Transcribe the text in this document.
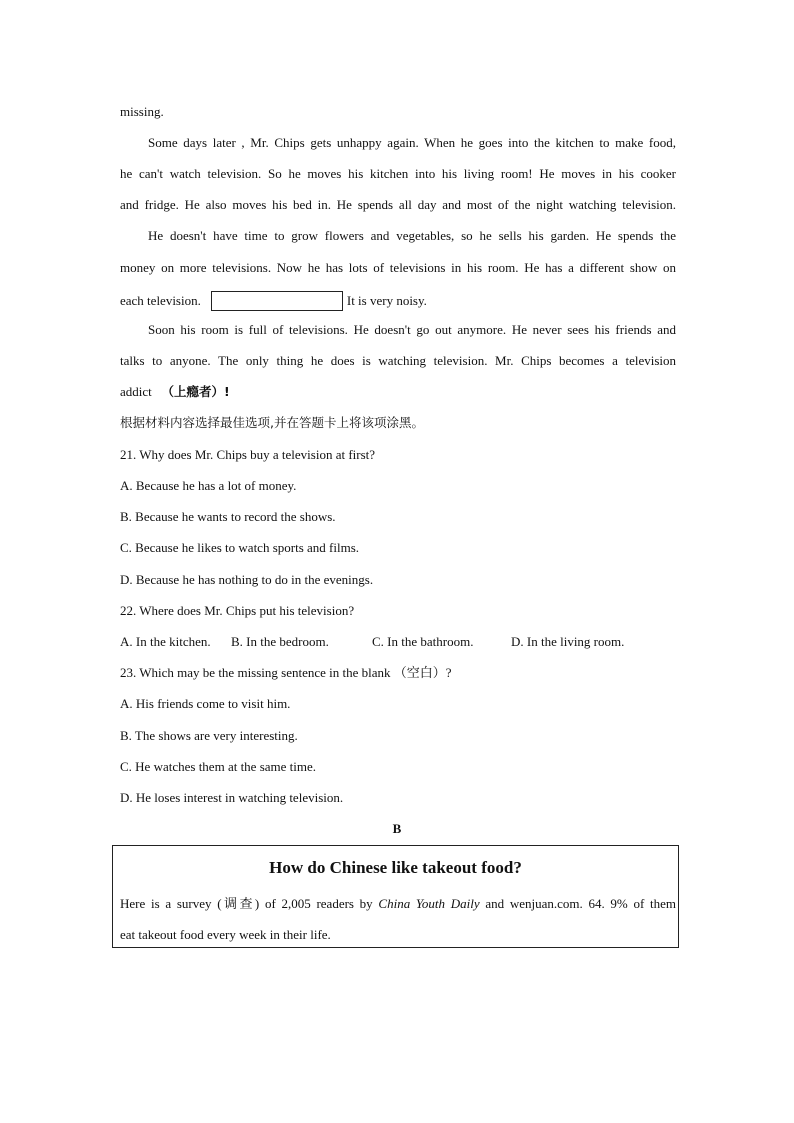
missing.
Some days later , Mr. Chips gets unhappy again. When he goes into the kitchen to make food,
he can't watch television. So he moves his kitchen into his living room! He moves in his cooker
and fridge. He also moves his bed in. He spends all day and most of the night watching television.
He doesn't have time to grow flowers and vegetables, so he sells his garden. He spends the
money on more televisions. Now he has lots of televisions in his room. He has a different show on
each television.	It is very noisy.
Soon his room is full of televisions. He doesn't go out anymore. He never sees his friends and
talks to anyone. The only thing he does is watching television. Mr. Chips becomes a television
addict （上瘾者）!
根据材料内容选择最佳选项,并在答题卡上将该项涂黑。
21. Why does Mr. Chips buy a television at first?
A. Because he has a lot of money.
B. Because he wants to record the shows.
C. Because he likes to watch sports and films.
D. Because he has nothing to do in the evenings.
22. Where does Mr. Chips put his television?
A. In the kitchen. B. In the bedroom.	C. In the bathroom.	D. In the living room.
23. Which may be the missing sentence in the blank （空白）?
A. His friends come to visit him.
B. The shows are very interesting.
C. He watches them at the same time.
D. He loses interest in watching television.
B
How do Chinese like takeout food?
Here is a survey (调查) of 2,005 readers by China Youth Daily and wenjuan.com. 64. 9% of them
eat takeout food every week in their life.
